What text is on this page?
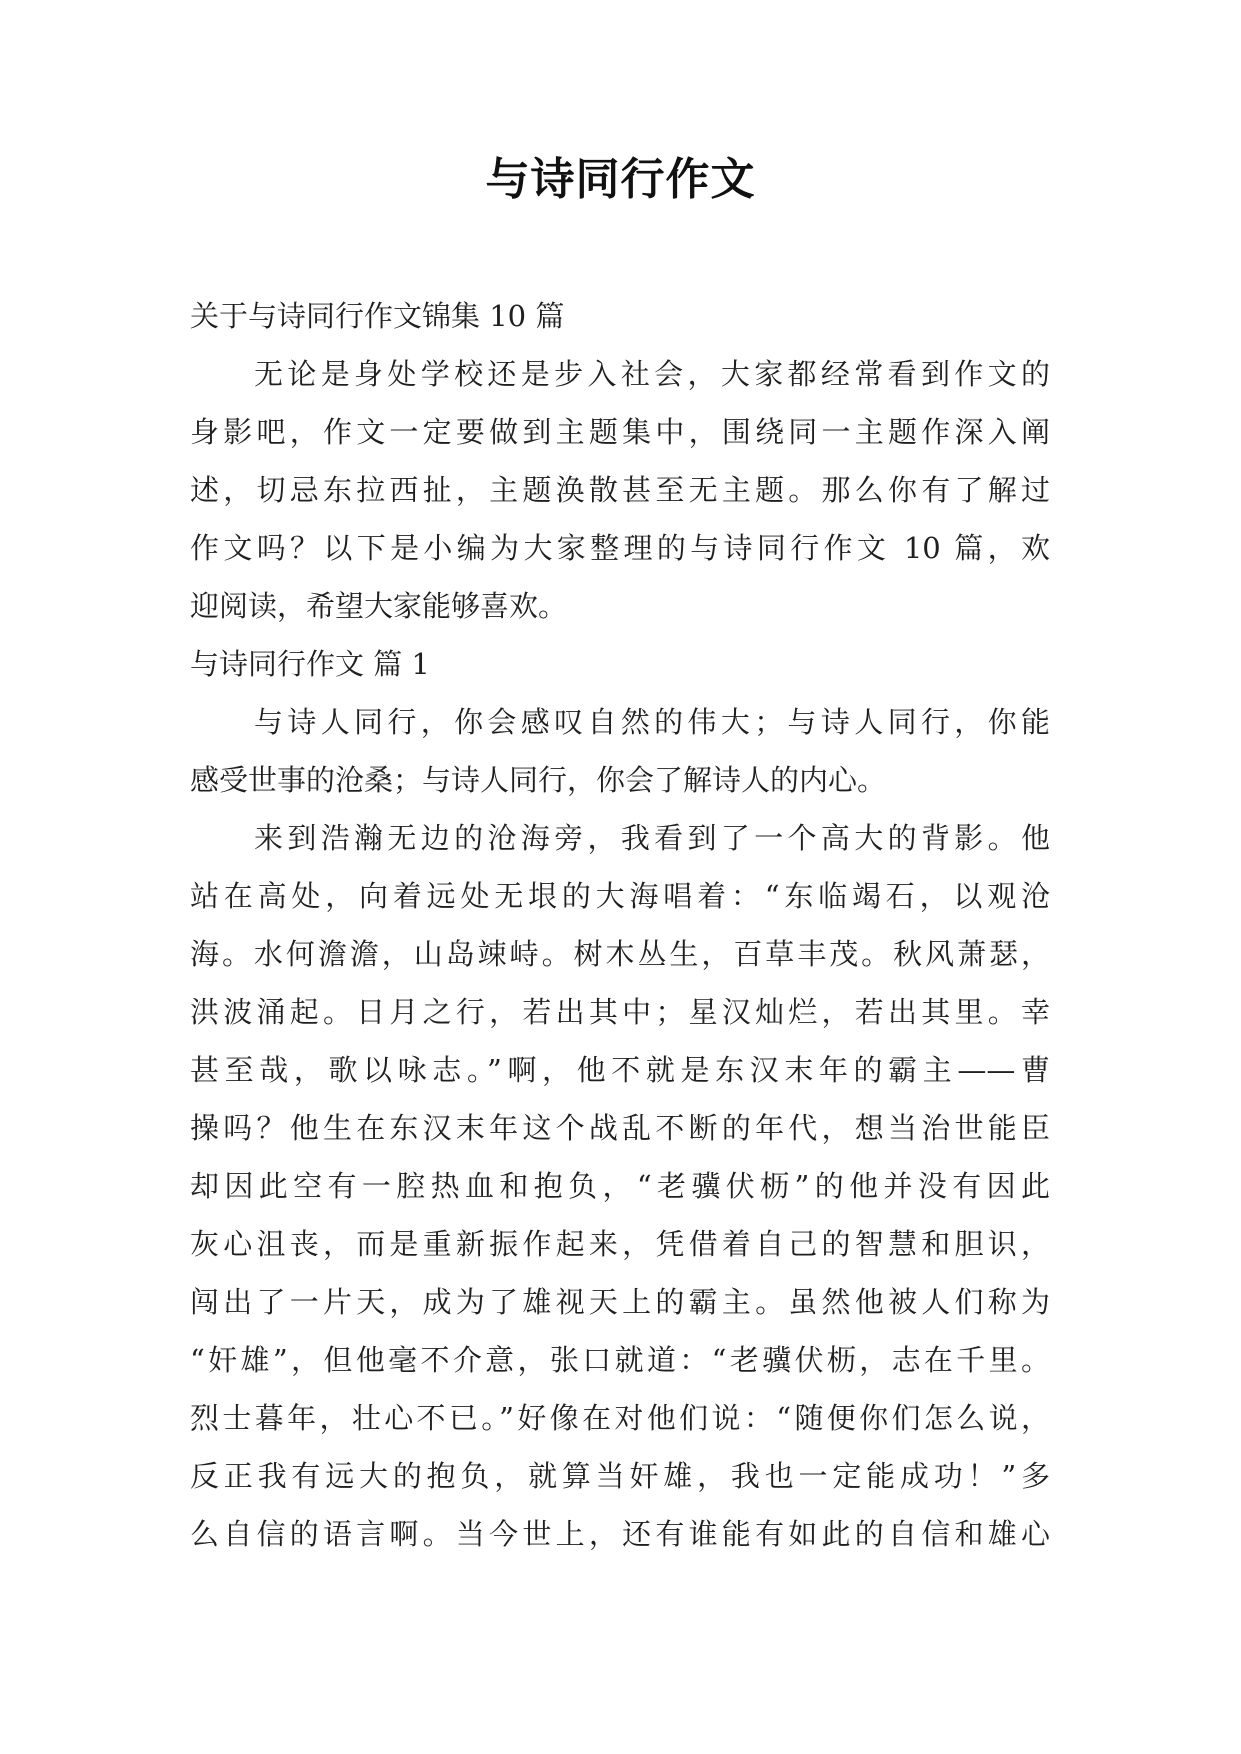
与诗同行作文
关于与诗同行作文锦集 10 篇
无论是身处学校还是步入社会，大家都经常看到作文的
身影吧，作文一定要做到主题集中，围绕同一主题作深入阐
述，切忌东拉西扯，主题涣散甚至无主题。那么你有了解过
作文吗？以下是小编为大家整理的与诗同行作文 10 篇，欢
迎阅读，希望大家能够喜欢。
与诗同行作文 篇 1
与诗人同行，你会感叹自然的伟大；与诗人同行，你能
感受世事的沧桑；与诗人同行，你会了解诗人的内心。
来到浩瀚无边的沧海旁，我看到了一个高大的背影。他
站在高处，向着远处无垠的大海唱着：“东临竭石，以观沧
海。水何澹澹，山岛竦峙。树木丛生，百草丰茂。秋风萧瑟，
洪波涌起。日月之行，若出其中；星汉灿烂，若出其里。幸
甚至哉，歌以咏志。”啊，他不就是东汉末年的霸主——曹
操吗？他生在东汉末年这个战乱不断的年代，想当治世能臣
却因此空有一腔热血和抱负，“老骥伏枥”的他并没有因此
灰心沮丧，而是重新振作起来，凭借着自己的智慧和胆识，
闯出了一片天，成为了雄视天上的霸主。虽然他被人们称为
“奸雄”，但他毫不介意，张口就道：“老骥伏枥，志在千里。
烈士暮年，壮心不已。”好像在对他们说：“随便你们怎么说，
反正我有远大的抱负，就算当奸雄，我也一定能成功！”多
么自信的语言啊。当今世上，还有谁能有如此的自信和雄心
